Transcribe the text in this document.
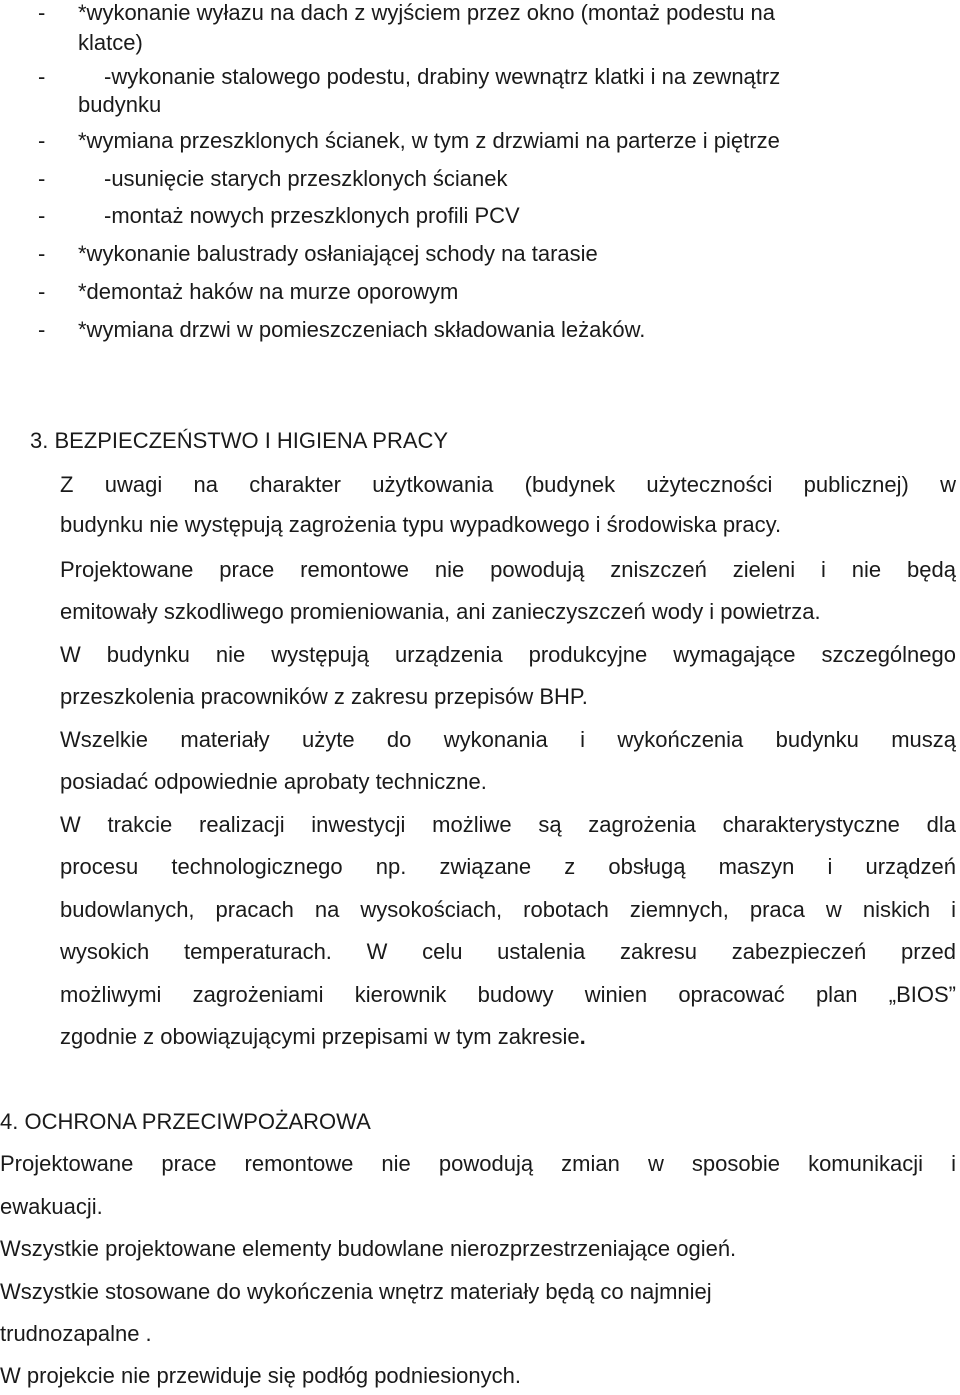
- *wykonanie wyłazu na dach z wyjściem przez okno (montaż podestu na
klatce)
-	-wykonanie stalowego podestu, drabiny wewnątrz klatki i na zewnątrz
budynku
- *wymiana przeszklonych ścianek, w tym z drzwiami na parterze i piętrze
-	-usunięcie starych przeszklonych ścianek
-	-montaż nowych przeszklonych profili PCV
- *wykonanie balustrady osłaniającej schody na tarasie
- *demontaż haków na murze oporowym
- *wymiana drzwi w pomieszczeniach składowania leżaków.
3. BEZPIECZEŃSTWO I HIGIENA PRACY
Z uwagi na charakter użytkowania (budynek użyteczności publicznej) w
budynku nie występują zagrożenia typu wypadkowego i środowiska pracy.
Projektowane prace remontowe nie powodują zniszczeń zieleni i nie będą
emitowały szkodliwego promieniowania, ani zanieczyszczeń wody i powietrza.
W budynku nie występują urządzenia produkcyjne wymagające szczególnego
przeszkolenia pracowników z zakresu przepisów BHP.
Wszelkie materiały użyte do wykonania i wykończenia budynku muszą
posiadać odpowiednie aprobaty techniczne.
W trakcie realizacji inwestycji możliwe są zagrożenia charakterystyczne dla
procesu technologicznego np. związane z obsługą maszyn i urządzeń
budowlanych, pracach na wysokościach, robotach ziemnych, praca w niskich i
wysokich temperaturach. W celu ustalenia zakresu zabezpieczeń przed
możliwymi zagrożeniami kierownik budowy winien opracować plan „BIOS”
zgodnie z obowiązującymi przepisami w tym zakresie.
4. OCHRONA PRZECIWPOŻAROWA
Projektowane prace remontowe nie powodują zmian w sposobie komunikacji i
ewakuacji.
Wszystkie projektowane elementy budowlane nierozprzestrzeniające ogień.
Wszystkie stosowane do wykończenia wnętrz materiały będą co najmniej
trudnozapalne .
W projekcie nie przewiduje się podłóg podniesionych.
